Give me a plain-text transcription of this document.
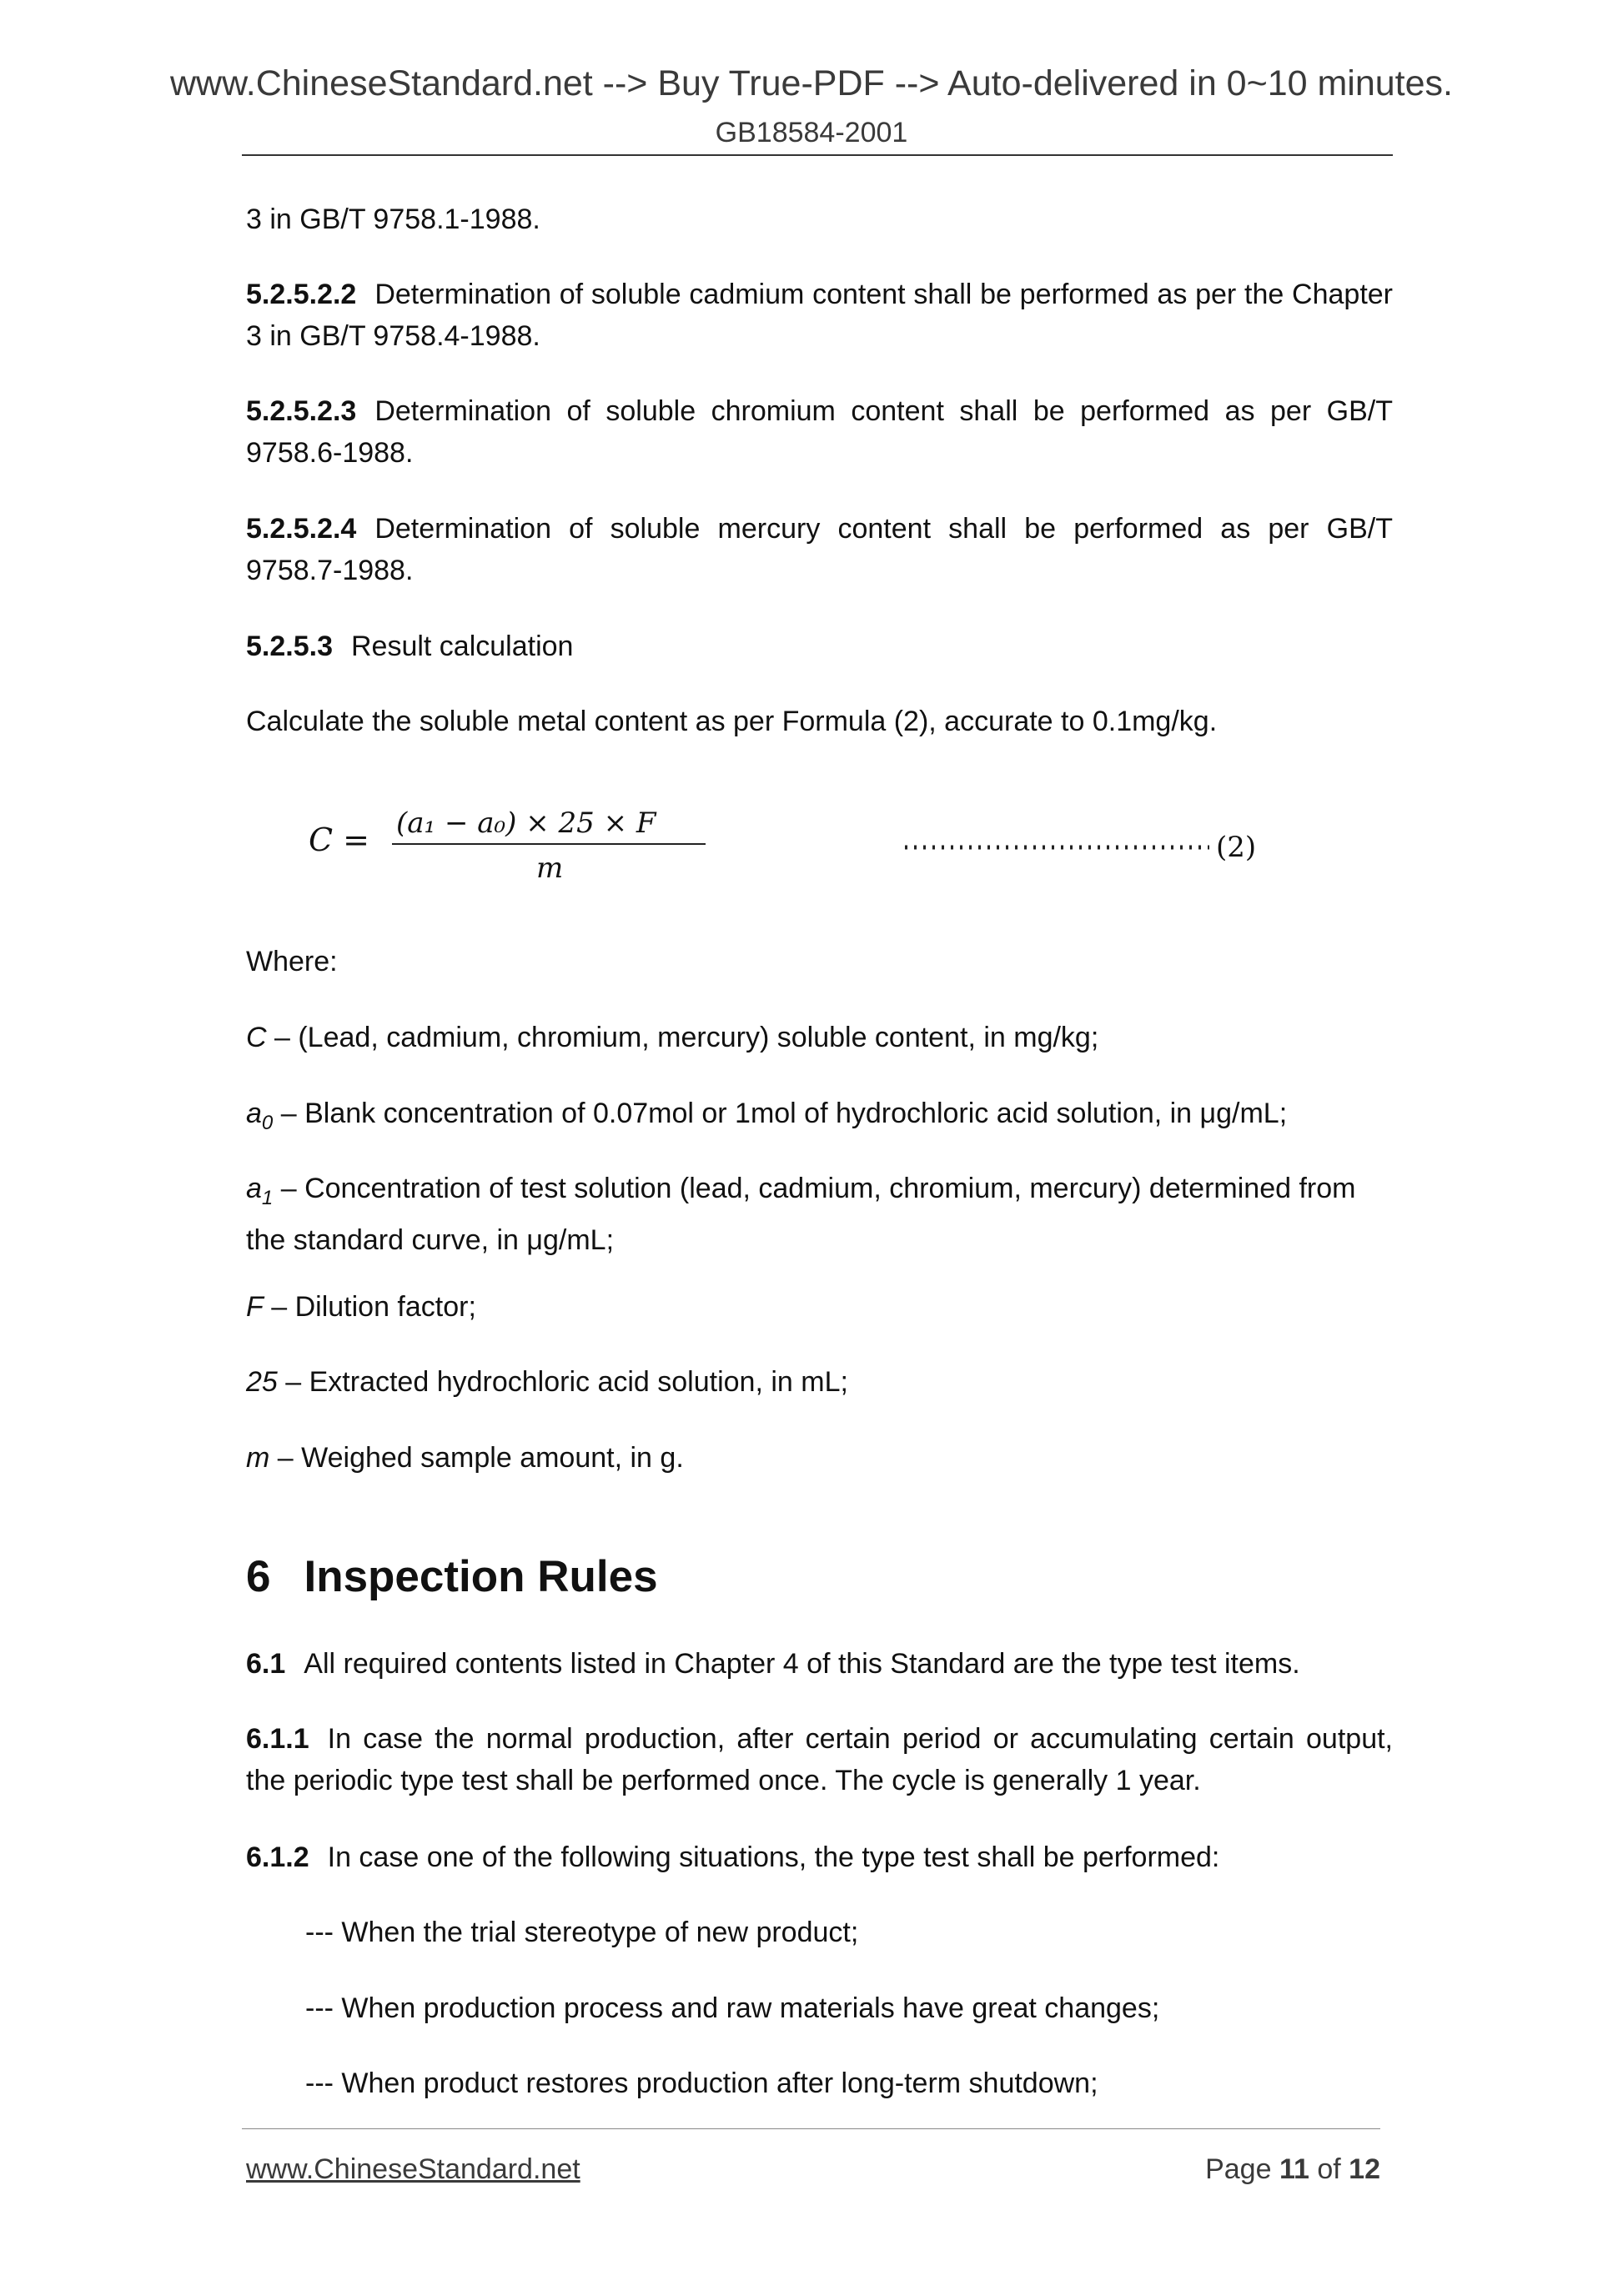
www.ChineseStandard.net --> Buy True-PDF --> Auto-delivered in 0~10 minutes.
GB18584-2001
3 in GB/T 9758.1-1988.
5.2.5.2.2 Determination of soluble cadmium content shall be performed as per the Chapter 3 in GB/T 9758.4-1988.
5.2.5.2.3 Determination of soluble chromium content shall be performed as per GB/T 9758.6-1988.
5.2.5.2.4 Determination of soluble mercury content shall be performed as per GB/T 9758.7-1988.
5.2.5.3 Result calculation
Calculate the soluble metal content as per Formula (2), accurate to 0.1mg/kg.
C = (a₁ − a₀) × 25 × F
m
(2)
Where:
C – (Lead, cadmium, chromium, mercury) soluble content, in mg/kg;
$a_0$ – Blank concentration of 0.07mol or 1mol of hydrochloric acid solution, in μg/mL;
$a_1$ – Concentration of test solution (lead, cadmium, chromium, mercury) determined from the standard curve, in μg/mL;
F – Dilution factor;
25 – Extracted hydrochloric acid solution, in mL;
m – Weighed sample amount, in g.
6 Inspection Rules
6.1 All required contents listed in Chapter 4 of this Standard are the type test items.
6.1.1 In case the normal production, after certain period or accumulating certain output, the periodic type test shall be performed once. The cycle is generally 1 year.
6.1.2 In case one of the following situations, the type test shall be performed:
--- When the trial stereotype of new product;
--- When production process and raw materials have great changes;
--- When product restores production after long-term shutdown;
www.ChineseStandard.net	Page 11 of 12
